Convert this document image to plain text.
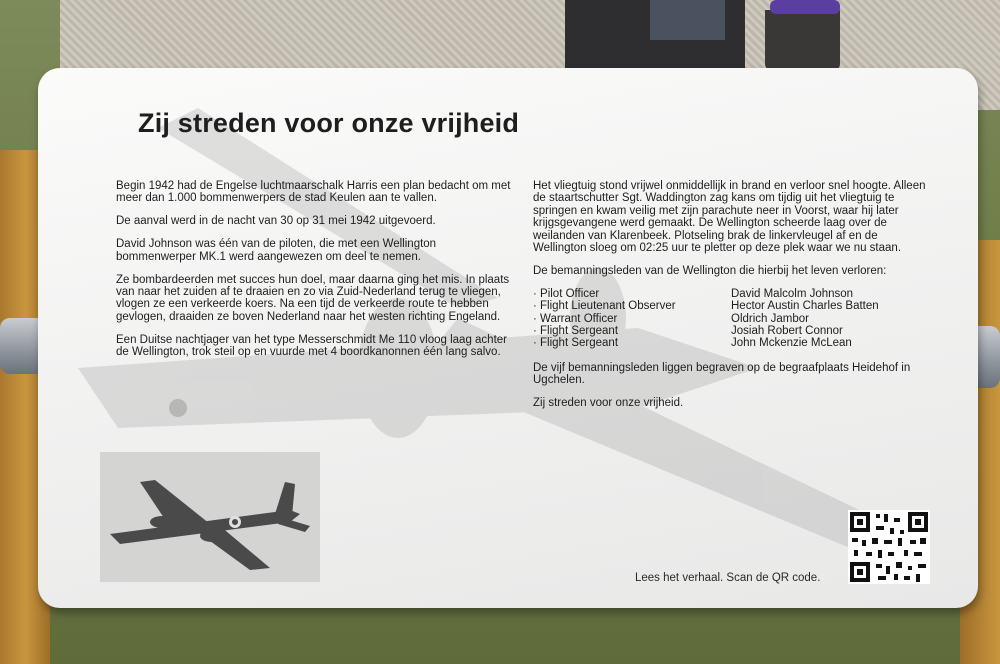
Zij streden voor onze vrijheid

Begin 1942 had de Engelse luchtmaarschalk Harris een plan bedacht om met meer dan 1.000 bommenwerpers de stad Keulen aan te vallen.

De aanval werd in de nacht van 30 op 31 mei 1942 uitgevoerd.

David Johnson was één van de piloten, die met een Wellington bommenwerper MK.1 werd aangewezen om deel te nemen.

Ze bombardeerden met succes hun doel, maar daarna ging het mis. In plaats van naar het zuiden af te draaien en zo via Zuid-Nederland terug te vliegen, vlogen ze een verkeerde koers. Na een tijd de verkeerde route te hebben gevlogen, draaiden ze boven Nederland naar het westen richting Engeland.

Een Duitse nachtjager van het type Messerschmidt Me 110 vloog laag achter de Wellington, trok steil op en vuurde met 4 boordkanonnen één lang salvo.

Het vliegtuig stond vrijwel onmiddellijk in brand en verloor snel hoogte. Alleen de staartschutter Sgt. Waddington zag kans om tijdig uit het vliegtuig te springen en kwam veilig met zijn parachute neer in Voorst, waar hij later krijgsgevangene werd gemaakt. De Wellington scheerde laag over de weilanden van Klarenbeek. Plotseling brak de linkervleugel af en de Wellington sloeg om 02:25 uur te pletter op deze plek waar we nu staan.

De bemanningsleden van de Wellington die hierbij het leven verloren:

· Pilot Officer	David Malcolm Johnson
· Flight Lieutenant Observer	Hector Austin Charles Batten
· Warrant Officer	Oldrich Jambor
· Flight Sergeant	Josiah Robert Connor
· Flight Sergeant	John Mckenzie McLean

De vijf bemanningsleden liggen begraven op de begraafplaats Heidehof in Ugchelen.

Zij streden voor onze vrijheid.

Lees het verhaal. Scan de QR code.
